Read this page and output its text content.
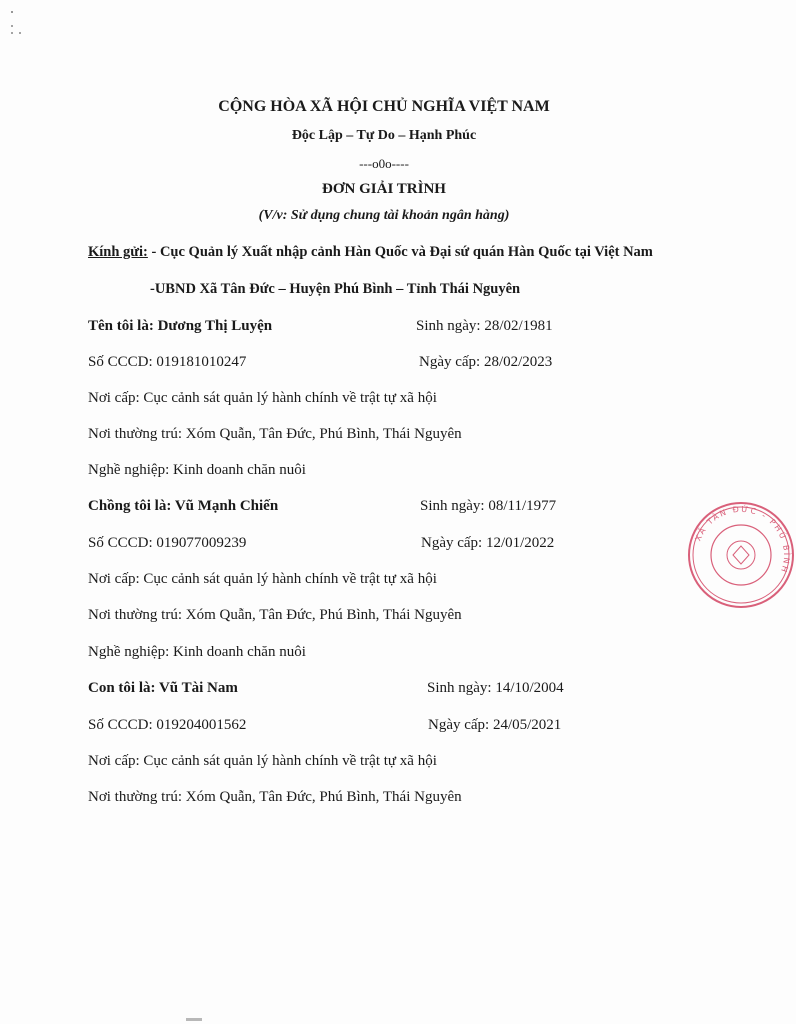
CỘNG HÒA XÃ HỘI CHỦ NGHĨA VIỆT NAM
Độc Lập – Tự Do – Hạnh Phúc
---o0o----
ĐƠN GIẢI TRÌNH
(V/v: Sử dụng chung tài khoản ngân hàng)
Kính gửi: - Cục Quản lý Xuất nhập cảnh Hàn Quốc và Đại sứ quán Hàn Quốc tại Việt Nam
-UBND Xã Tân Đức – Huyện Phú Bình – Tỉnh Thái Nguyên
Tên tôi là: Dương Thị Luyện	Sinh ngày: 28/02/1981
Số CCCD: 019181010247	Ngày cấp: 28/02/2023
Nơi cấp: Cục cảnh sát quản lý hành chính về trật tự xã hội
Nơi thường trú: Xóm Quẫn, Tân Đức, Phú Bình, Thái Nguyên
Nghề nghiệp: Kinh doanh chăn nuôi
Chồng tôi là: Vũ Mạnh Chiến	Sinh ngày: 08/11/1977
Số CCCD: 019077009239	Ngày cấp: 12/01/2022
Nơi cấp: Cục cảnh sát quản lý hành chính về trật tự xã hội
Nơi thường trú: Xóm Quẫn, Tân Đức, Phú Bình, Thái Nguyên
Nghề nghiệp: Kinh doanh chăn nuôi
Con tôi là: Vũ Tài Nam	Sinh ngày: 14/10/2004
Số CCCD: 019204001562	Ngày cấp: 24/05/2021
Nơi cấp: Cục cảnh sát quản lý hành chính về trật tự xã hội
Nơi thường trú: Xóm Quẫn, Tân Đức, Phú Bình, Thái Nguyên
XÃ TÂN ĐỨC - PHÚ BÌNH
